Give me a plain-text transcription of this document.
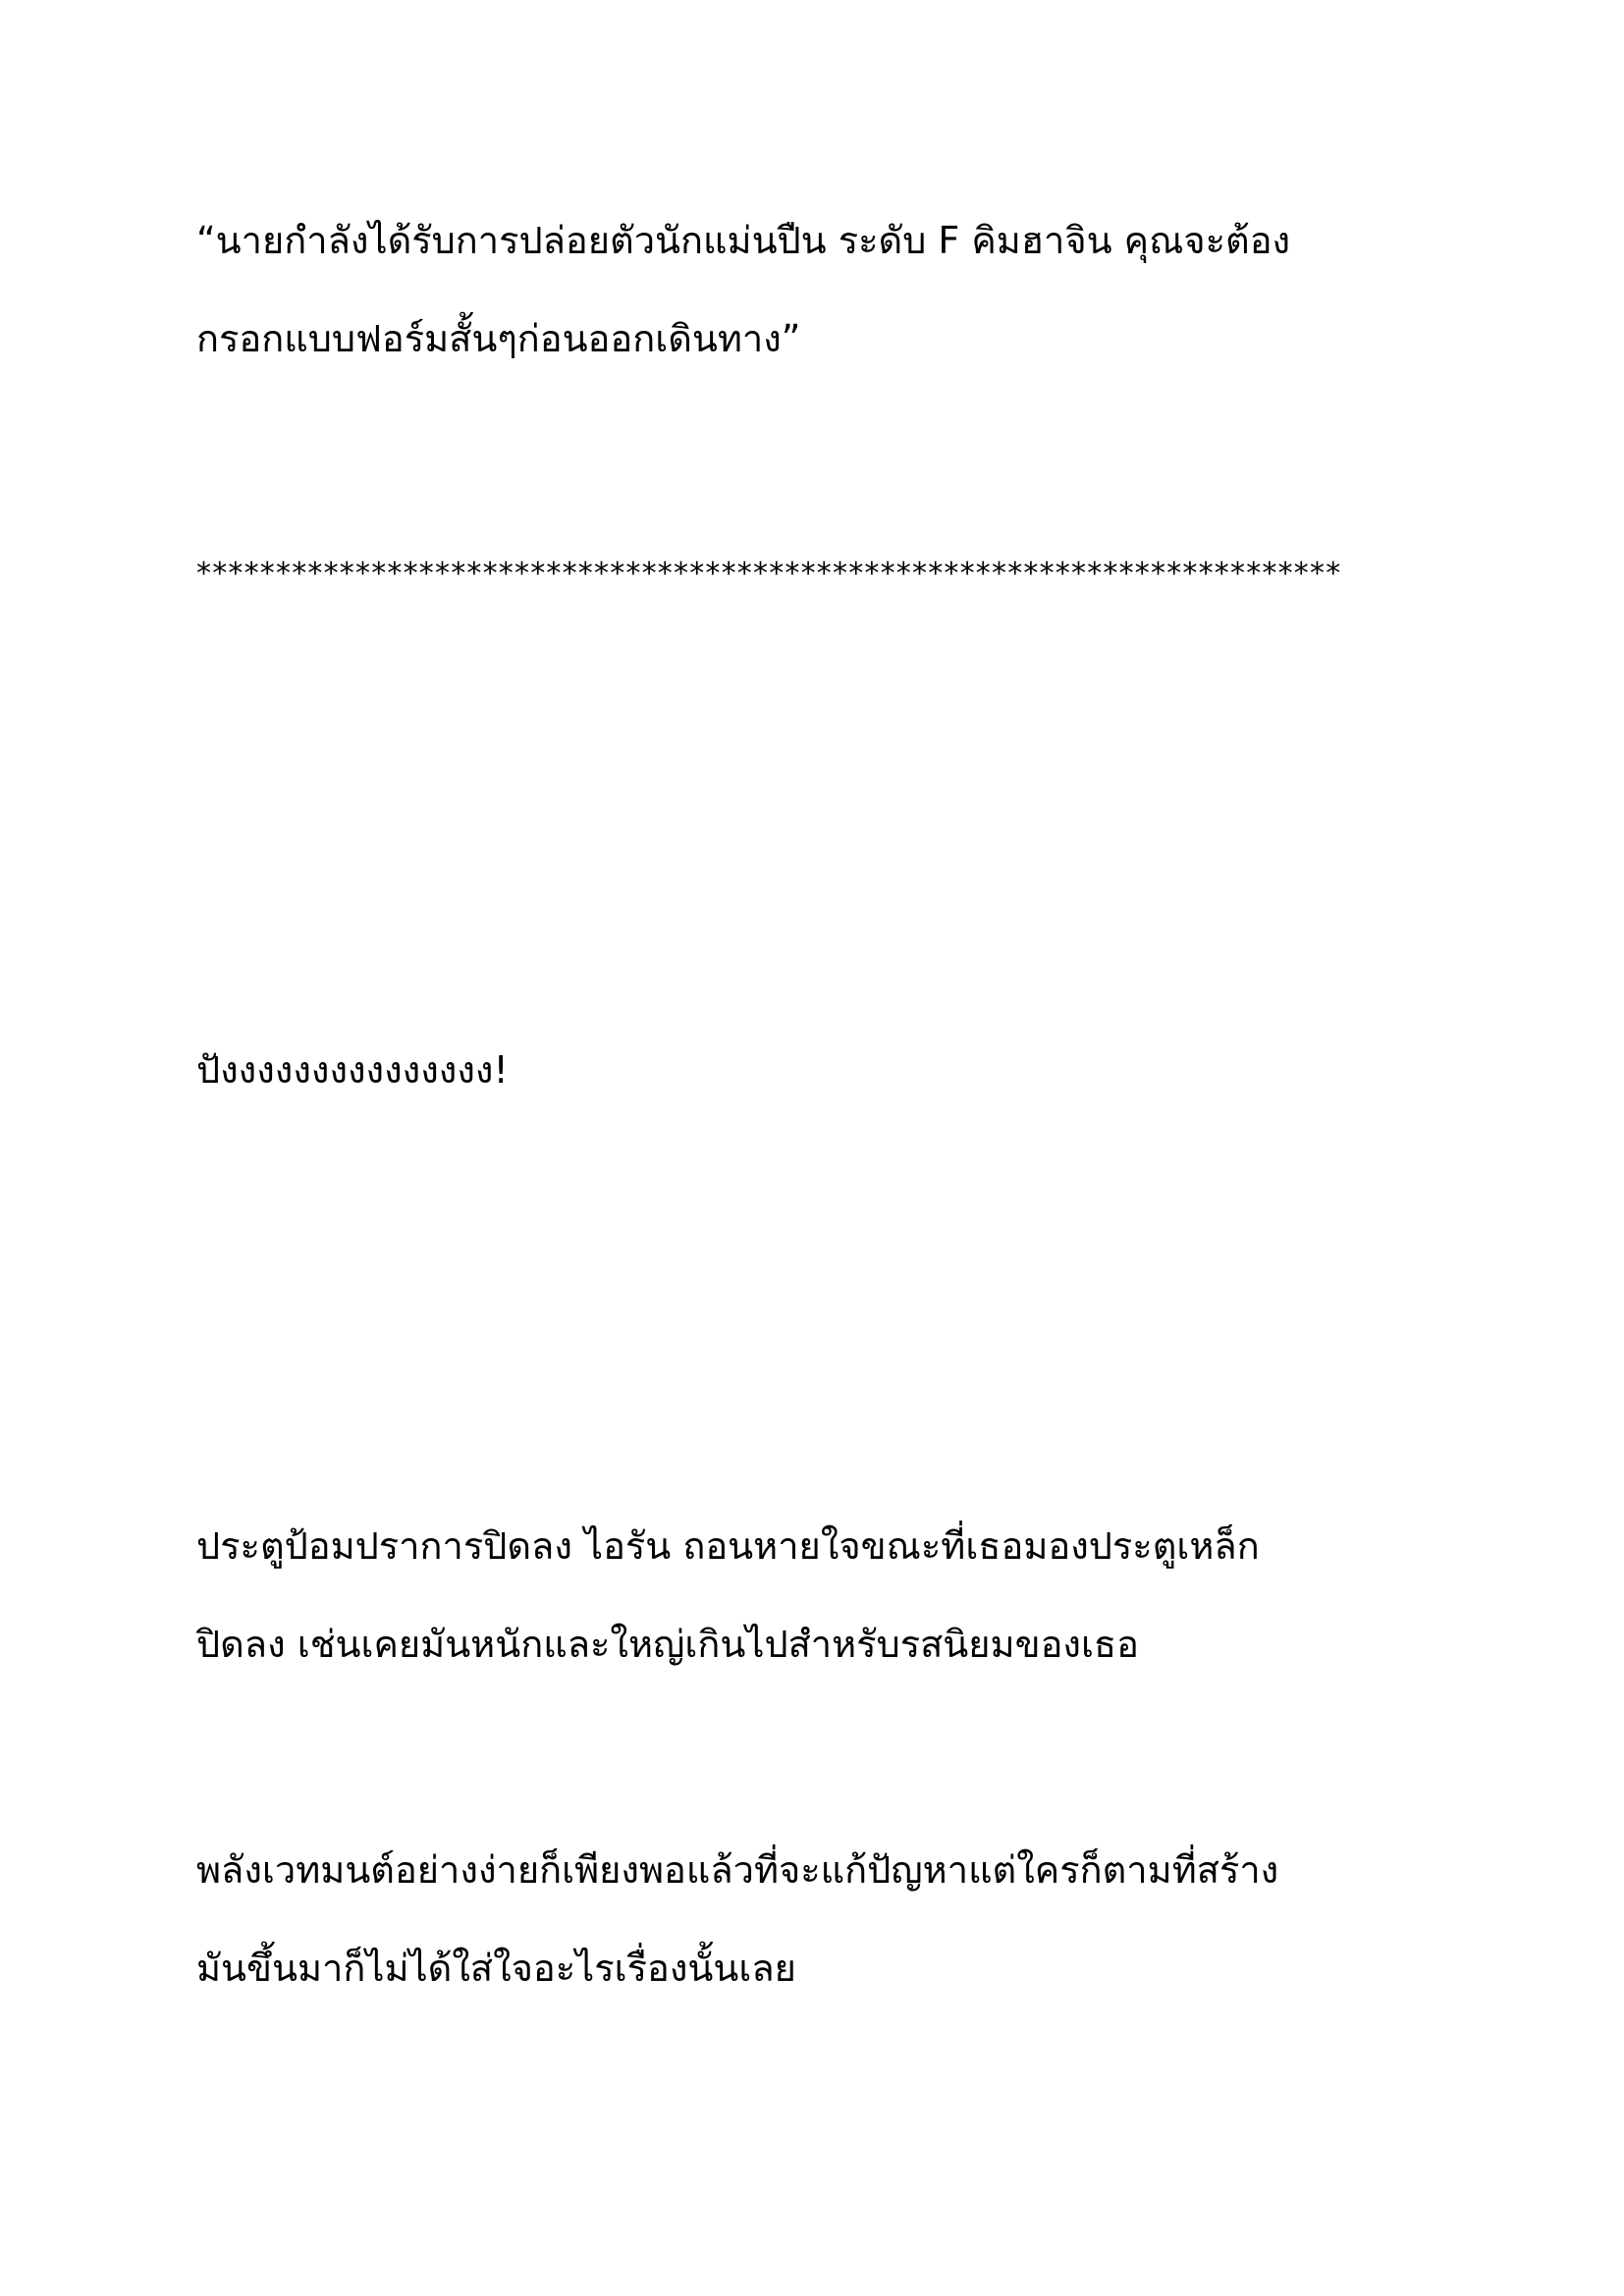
“นายกำลังได้รับการปล่อยตัวนักแม่นปืน ระดับ F คิมฮาจิน คุณจะต้อง
กรอกแบบฟอร์มสั้นๆก่อนออกเดินทาง”

************************************************************************

ปังงงงงงงงงงงงงงง!

ประตูป้อมปราการปิดลง ไอรัน ถอนหายใจขณะที่เธอมองประตูเหล็ก
ปิดลง เช่นเคยมันหนักและใหญ่เกินไปสำหรับรสนิยมของเธอ

พลังเวทมนต์อย่างง่ายก็เพียงพอแล้วที่จะแก้ปัญหาแต่ใครก็ตามที่สร้าง
มันขึ้นมาก็ไม่ได้ใส่ใจอะไรเรื่องนั้นเลย
